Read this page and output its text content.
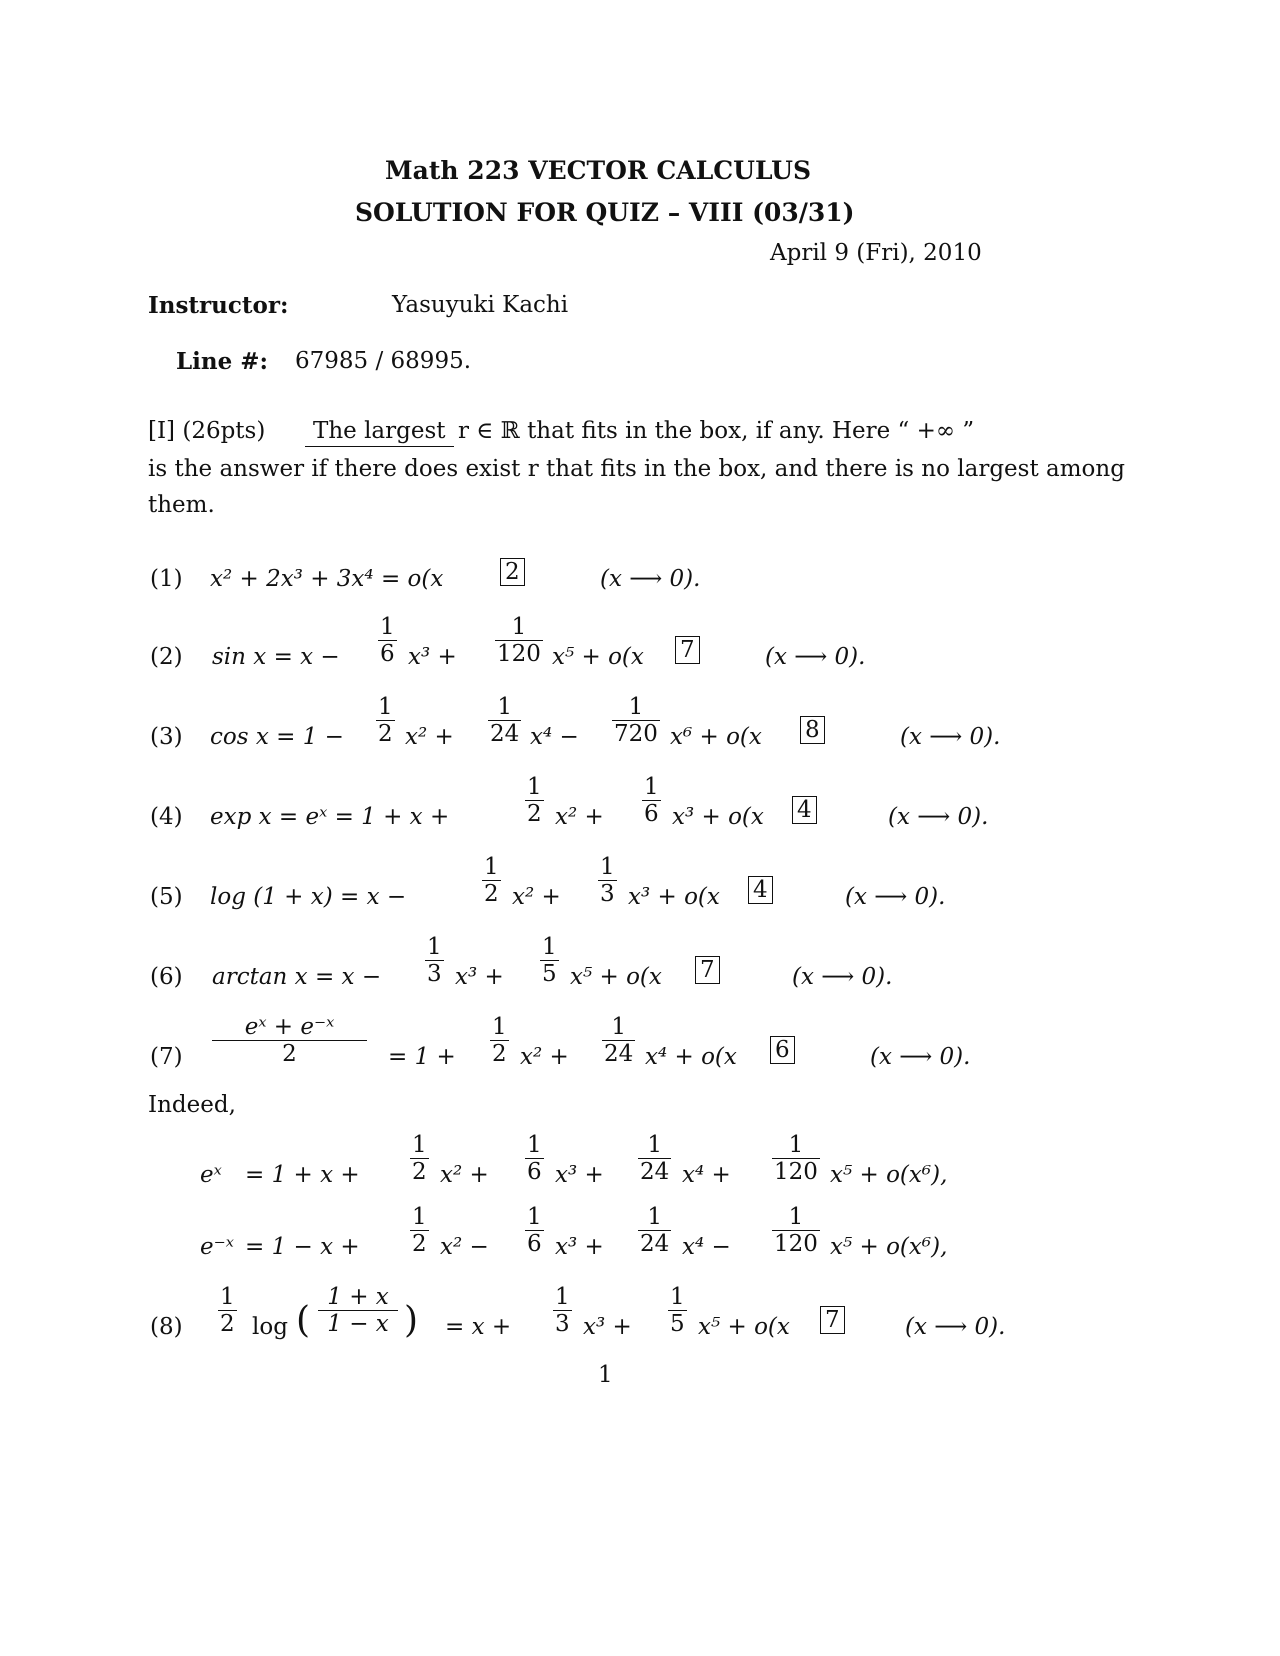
Math 223 VECTOR CALCULUS
SOLUTION FOR QUIZ – VIII (03/31)
April 9 (Fri), 2010
Instructor:	Yasuyuki Kachi
Line #: 67985 / 68995.
[I] (26pts)	The largest r ∈ ℝ that fits in the box, if any. Here “ +∞ ”
is the answer if there does exist r that fits in the box, and there is no largest among
them.
(1) x² + 2x³ + 3x⁴ = o(x	2	(x ⟶ 0).
(2) sin x = x −
1
6 x³ +
1
120 x⁵ + o(x 7	(x ⟶ 0).
(3) cos x = 1 −
1
2 x² +
1
24 x⁴ −
1
720 x⁶ + o(x 8	(x ⟶ 0).
(4) exp x = eˣ = 1 + x +
1
2 x² +
1
6 x³ + o(x 4	(x ⟶ 0).
(5) log (1 + x) = x −
1
2 x² +
1
3 x³ + o(x 4	(x ⟶ 0).
(6) arctan x = x −
1
3 x³ +
1
5 x⁵ + o(x 7	(x ⟶ 0).
(7)
eˣ + e⁻ˣ
2	= 1 +
1
2 x² +
1
24 x⁴ + o(x 6	(x ⟶ 0).
Indeed,
eˣ = 1 + x +
1
2 x² +
1
6 x³ +
1
24 x⁴ +
1
120 x⁵ + o(x⁶),
e⁻ˣ = 1 − x +
1
2 x² −
1
6 x³ +
1
24 x⁴ −
1
120 x⁵ + o(x⁶),
(8)
1
2 log (
1 + x
1 − x ) = x +
1
3 x³ +
1
5 x⁵ + o(x 7	(x ⟶ 0).
1
